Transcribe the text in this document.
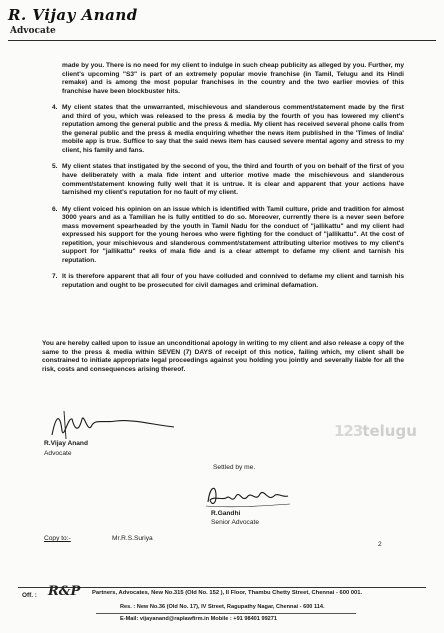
R. Vijay Anand
Advocate

made by you. There is no need for my client to indulge in such cheap publicity as alleged by you. Further, my client's upcoming "S3" is part of an extremely popular movie franchise (in Tamil, Telugu and its Hindi remake) and is among the most popular franchises in the country and the two earlier movies of this franchise have been blockbuster hits.

4. My client states that the unwarranted, mischievous and slanderous comment/statement made by the first and third of you, which was released to the press & media by the fourth of you has lowered my client's reputation among the general public and the press & media. My client has received several phone calls from the general public and the press & media enquiring whether the news item published in the 'Times of India' mobile app is true. Suffice to say that the said news item has caused severe mental agony and stress to my client, his family and fans.

5. My client states that instigated by the second of you, the third and fourth of you on behalf of the first of you have deliberately with a mala fide intent and ulterior motive made the mischievous and slanderous comment/statement knowing fully well that it is untrue. It is clear and apparent that your actions have tarnished my client's reputation for no fault of my client.

6. My client voiced his opinion on an issue which is identified with Tamil culture, pride and tradition for almost 3000 years and as a Tamilian he is fully entitled to do so. Moreover, currently there is a never seen before mass movement spearheaded by the youth in Tamil Nadu for the conduct of "jallikattu" and my client had expressed his support for the young heroes who were fighting for the conduct of "jallikattu". At the cost of repetition, your mischievous and slanderous comment/statement attributing ulterior motives to my client's support for "jallikattu" reeks of mala fide and is a clear attempt to defame my client and tarnish his reputation.

7. It is therefore apparent that all four of you have colluded and connived to defame my client and tarnish his reputation and ought to be prosecuted for civil damages and criminal defamation.

You are hereby called upon to issue an unconditional apology in writing to my client and also release a copy of the same to the press & media within SEVEN (7) DAYS of receipt of this notice, failing which, my client shall be constrained to initiate appropriate legal proceedings against you holding you jointly and severally liable for all the risk, costs and consequences arising thereof.

R.Vijay Anand
Advocate
123telugu
Settled by me.
R.Gandhi
Senior Advocate
Copy to:-	Mr.R.S.Suriya
2
Off. : R&P Partners, Advocates, New No.315 (Old No. 152 ), II Floor, Thambu Chetty Street, Chennai - 600 001.
Res. : New No.36 (Old No. 17), IV Street, Ragupathy Nagar, Chennai - 600 114.
E-Mail: vijayanand@raplawfirm.in Mobile : +91 98401 99271
